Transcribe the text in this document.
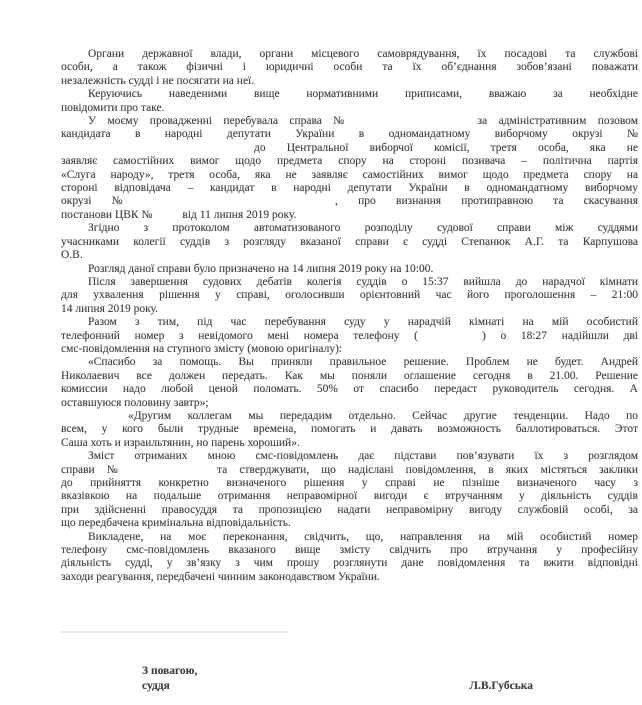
Органи державної влади, органи місцевого самоврядування, їх посадові та службові
особи, а також фізичні і юридичні особи та їх об’єднання зобов’язані поважати
незалежність судді і не посягати на неї.
Керуючись наведеними вище нормативними приписами, вважаю за необхідне
повідомити про таке.
У моєму провадженні перебувала справа №	за адміністративним позовом
кандидата в народні депутати України в одномандатному виборчому окрузі №
до Центральної виборчої комісії, третя особа, яка не
заявляє самостійних вимог щодо предмета спору на стороні позивача – політична партія
«Слуга народу», третя особа, яка не заявляє самостійних вимог щодо предмета спору на
стороні відповідача – кандидат в народні депутати України в одномандатному виборчому
окрузі №	, про визнання протиправною та скасування
постанови ЦВК №	від 11 липня 2019 року.
Згідно з протоколом автоматизованого розподілу судової справи між суддями
учасниками колегії суддів з розгляду вказаної справи є судді Степанюк А.Г. та Карпушова
О.В.
Розгляд даної справи було призначено на 14 липня 2019 року на 10:00.
Після завершення судових дебатів колегія суддів о 15:37 вийшла до нарадчої кімнати
для ухвалення рішення у справі, оголосивши орієнтовний час його проголошення – 21:00
14 липня 2019 року.
Разом з тим, під час перебування суду у нарадчій кімнаті на мій особистий
телефонний номер з невідомого мені номера телефону (	) о 18:27 надійшли дві
смс-повідомлення на ступного змісту (мовою оригіналу):
«Спасибо за помощь. Вы приняли правильное решение. Проблем не будет. Андрей
Николаевич все должен передать. Как мы поняли оглашение сегодня в 21.00. Решение
комиссии надо любой ценой поломать. 50% от спасибо передаст руководитель сегодня. А
оставшуюся половину завтр»;
«Другим коллегам мы передадим отдельно. Сейчас другие тенденции. Надо по
всем, у кого были трудные времена, помогать и давать возможность баллотироваться. Этот
Саша хоть и израильтянин, но парень хороший».
Зміст отриманих мною смс-повідомлень дає підстави пов’язувати їх з розглядом
справи №	та стверджувати, що надіслані повідомлення, в яких містяться заклики
до прийняття конкретно визначеного рішення у справі не пізніше визначеного часу з
вказівкою на подальше отримання неправомірної вигоди є втручанням у діяльність суддів
при здійсненні правосуддя та пропозицією надати неправомірну вигоду службовій особі, за
що передбачена кримінальна відповідальність.
Викладене, на моє переконання, свідчить, що, направлення на мій особистий номер
телефону смс-повідомлень вказаного вище змісту свідчить про втручання у професійну
діяльність судді, у зв’язку з чим прошу розглянути дане повідомлення та вжити відповідні
заходи реагування, передбачені чинним законодавством України.
З повагою,
суддя	Л.В.Губська
